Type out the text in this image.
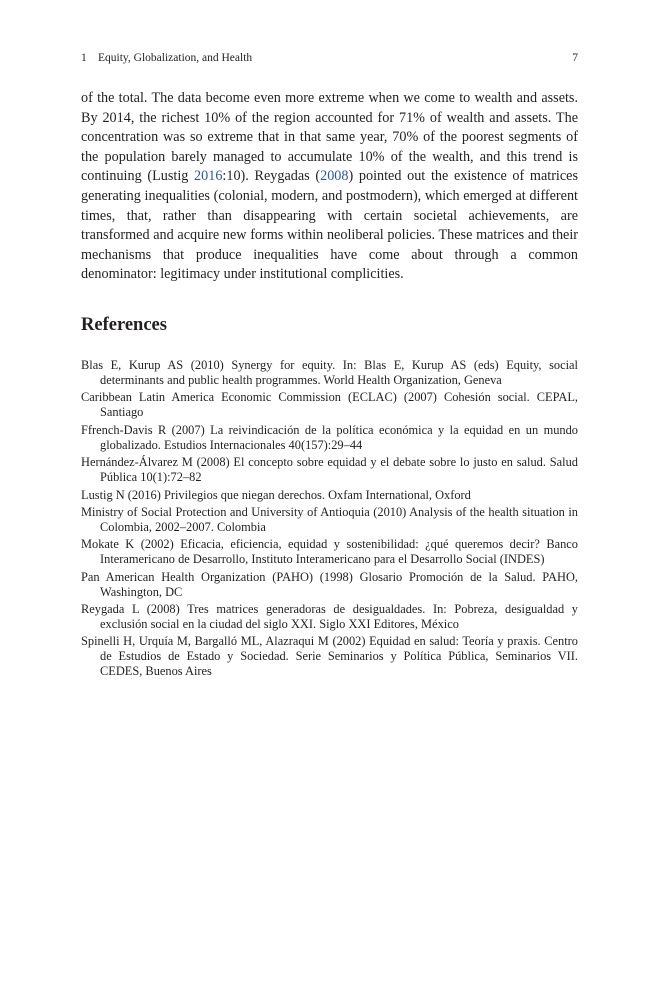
1 Equity, Globalization, and Health	7

of the total. The data become even more extreme when we come to wealth and assets. By 2014, the richest 10% of the region accounted for 71% of wealth and assets. The concentration was so extreme that in that same year, 70% of the poorest segments of the population barely managed to accumulate 10% of the wealth, and this trend is continuing (Lustig 2016:10). Reygadas (2008) pointed out the existence of matrices generating inequalities (colonial, modern, and postmodern), which emerged at different times, that, rather than disappearing with certain societal achievements, are transformed and acquire new forms within neoliberal policies. These matrices and their mechanisms that produce inequalities have come about through a common denominator: legitimacy under institutional complicities.

References
Blas E, Kurup AS (2010) Synergy for equity. In: Blas E, Kurup AS (eds) Equity, social determinants and public health programmes. World Health Organization, Geneva
Caribbean Latin America Economic Commission (ECLAC) (2007) Cohesión social. CEPAL, Santiago
Ffrench-Davis R (2007) La reivindicación de la política económica y la equidad en un mundo globalizado. Estudios Internacionales 40(157):29–44
Hernández-Álvarez M (2008) El concepto sobre equidad y el debate sobre lo justo en salud. Salud Pública 10(1):72–82
Lustig N (2016) Privilegios que niegan derechos. Oxfam International, Oxford
Ministry of Social Protection and University of Antioquia (2010) Analysis of the health situation in Colombia, 2002–2007. Colombia
Mokate K (2002) Eficacia, eficiencia, equidad y sostenibilidad: ¿qué queremos decir? Banco Interamericano de Desarrollo, Instituto Interamericano para el Desarrollo Social (INDES)
Pan American Health Organization (PAHO) (1998) Glosario Promoción de la Salud. PAHO, Washington, DC
Reygada L (2008) Tres matrices generadoras de desigualdades. In: Pobreza, desigualdad y exclusión social en la ciudad del siglo XXI. Siglo XXI Editores, México
Spinelli H, Urquía M, Bargalló ML, Alazraqui M (2002) Equidad en salud: Teoría y praxis. Centro de Estudios de Estado y Sociedad. Serie Seminarios y Política Pública, Seminarios VII. CEDES, Buenos Aires
